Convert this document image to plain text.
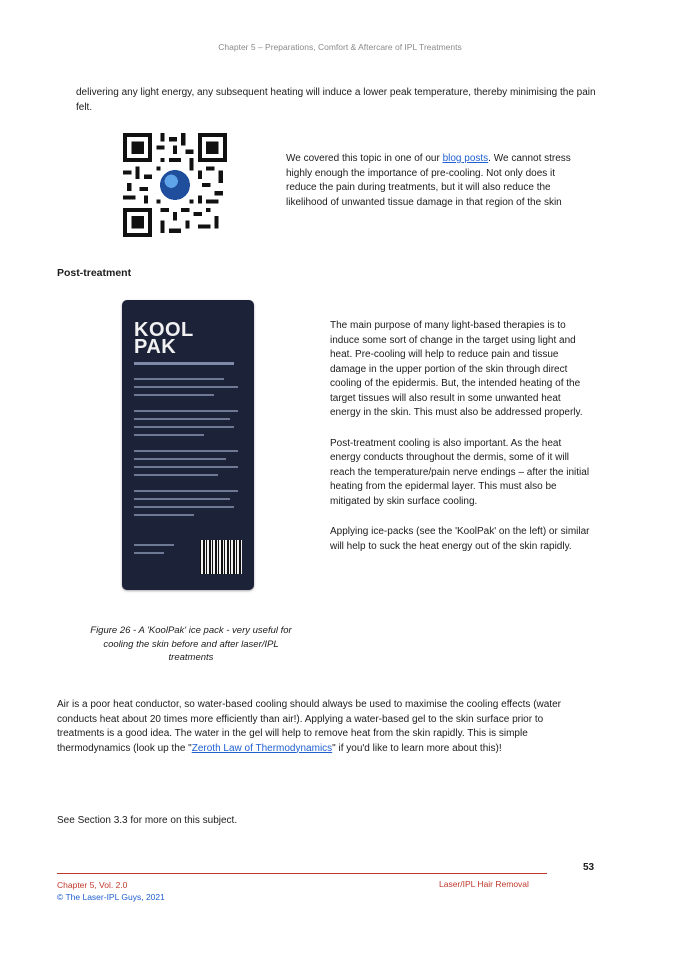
Chapter 5 – Preparations, Comfort & Aftercare of IPL Treatments
delivering any light energy, any subsequent heating will induce a lower peak temperature, thereby minimising the pain felt.
We covered this topic in one of our blog posts. We cannot stress highly enough the importance of pre-cooling. Not only does it reduce the pain during treatments, but it will also reduce the likelihood of unwanted tissue damage in that region of the skin
Post-treatment
KOOL
PAK
Figure 26 - A 'KoolPak' ice pack - very useful for cooling the skin before and after laser/IPL treatments

The main purpose of many light-based therapies is to induce some sort of change in the target using light and heat. Pre-cooling will help to reduce pain and tissue damage in the upper portion of the skin through direct cooling of the epidermis. But, the intended heating of the target tissues will also result in some unwanted heat energy in the skin. This must also be addressed properly.

Post-treatment cooling is also important. As the heat energy conducts throughout the dermis, some of it will reach the temperature/pain nerve endings – after the initial heating from the epidermal layer. This must also be mitigated by skin surface cooling.

Applying ice-packs (see the 'KoolPak' on the left) or similar will help to suck the heat energy out of the skin rapidly.

Air is a poor heat conductor, so water-based cooling should always be used to maximise the cooling effects (water conducts heat about 20 times more efficiently than air!). Applying a water-based gel to the skin surface prior to treatments is a good idea. The water in the gel will help to remove heat from the skin rapidly. This is simple thermodynamics (look up the "Zeroth Law of Thermodynamics" if you'd like to learn more about this)!
See Section 3.3 for more on this subject.
53
Chapter 5, Vol. 2.0
© The Laser-IPL Guys, 2021
Laser/IPL Hair Removal
